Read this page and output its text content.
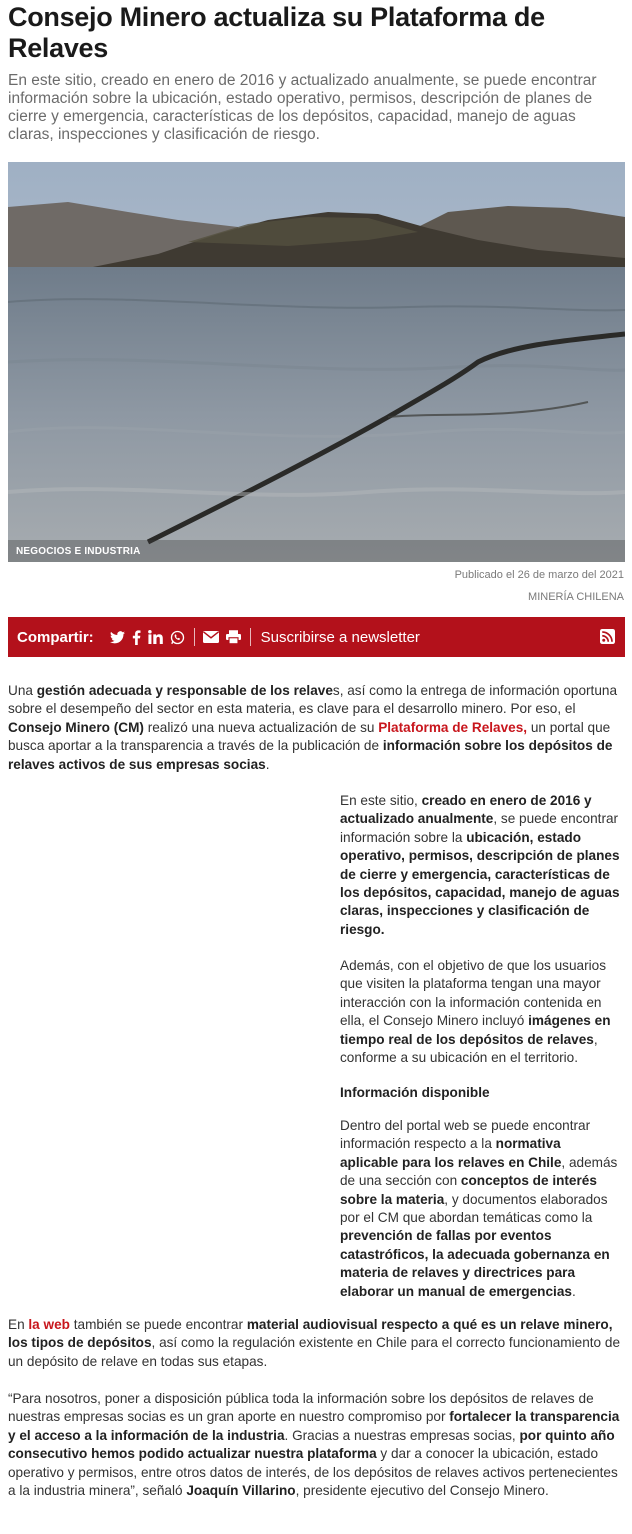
Consejo Minero actualiza su Plataforma de Relaves

En este sitio, creado en enero de 2016 y actualizado anualmente, se puede encontrar información sobre la ubicación, estado operativo, permisos, descripción de planes de cierre y emergencia, características de los depósitos, capacidad, manejo de aguas claras, inspecciones y clasificación de riesgo.

NEGOCIOS E INDUSTRIA

Publicado el 26 de marzo del 2021
MINERÍA CHILENA
Compartir:	Suscribirse a newsletter

Una gestión adecuada y responsable de los relaves, así como la entrega de información oportuna sobre el desempeño del sector en esta materia, es clave para el desarrollo minero. Por eso, el Consejo Minero (CM) realizó una nueva actualización de su Plataforma de Relaves, un portal que busca aportar a la transparencia a través de la publicación de información sobre los depósitos de relaves activos de sus empresas socias.

En este sitio, creado en enero de 2016 y actualizado anualmente, se puede encontrar información sobre la ubicación, estado operativo, permisos, descripción de planes de cierre y emergencia, características de los depósitos, capacidad, manejo de aguas claras, inspecciones y clasificación de riesgo.

Además, con el objetivo de que los usuarios que visiten la plataforma tengan una mayor interacción con la información contenida en ella, el Consejo Minero incluyó imágenes en tiempo real de los depósitos de relaves, conforme a su ubicación en el territorio.

Información disponible

Dentro del portal web se puede encontrar información respecto a la normativa aplicable para los relaves en Chile, además de una sección con conceptos de interés sobre la materia, y documentos elaborados por el CM que abordan temáticas como la prevención de fallas por eventos catastróficos, la adecuada gobernanza en materia de relaves y directrices para elaborar un manual de emergencias.

En la web también se puede encontrar material audiovisual respecto a qué es un relave minero, los tipos de depósitos, así como la regulación existente en Chile para el correcto funcionamiento de un depósito de relave en todas sus etapas.

“Para nosotros, poner a disposición pública toda la información sobre los depósitos de relaves de nuestras empresas socias es un gran aporte en nuestro compromiso por fortalecer la transparencia y el acceso a la información de la industria. Gracias a nuestras empresas socias, por quinto año consecutivo hemos podido actualizar nuestra plataforma y dar a conocer la ubicación, estado operativo y permisos, entre otros datos de interés, de los depósitos de relaves activos pertenecientes a la industria minera”, señaló Joaquín Villarino, presidente ejecutivo del Consejo Minero.
